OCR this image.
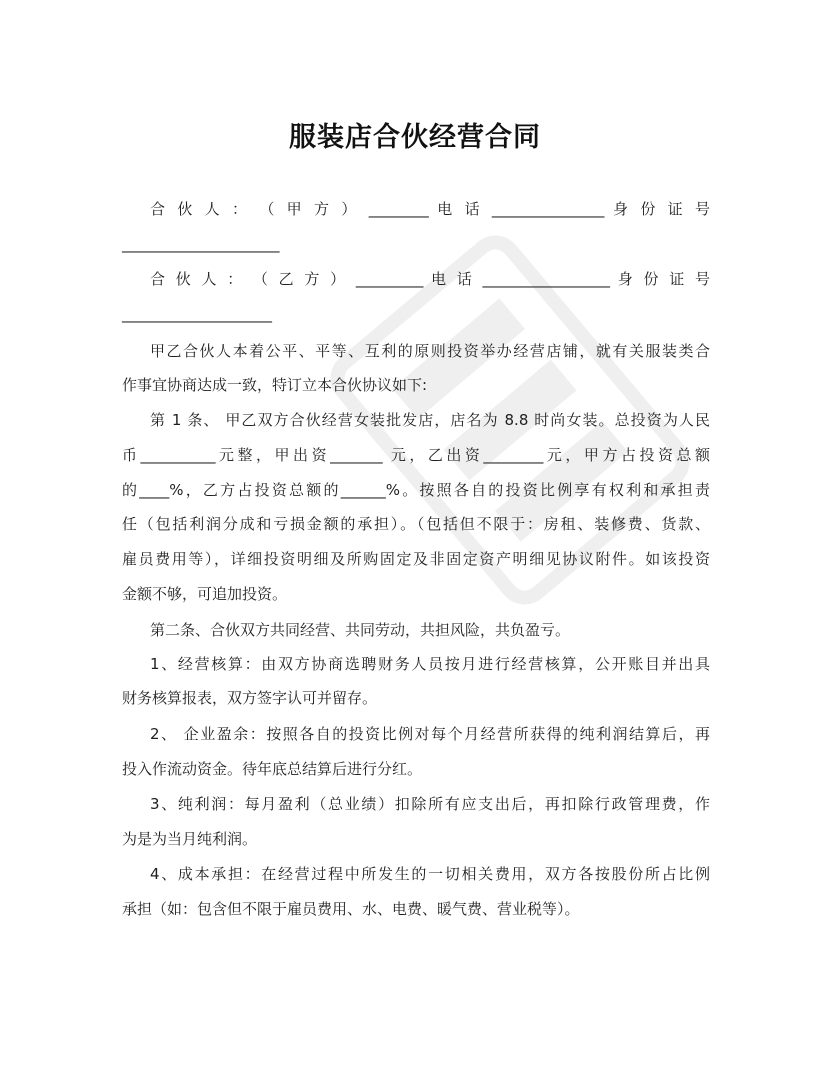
服装店合伙经营合同
合 伙 人 ： （ 甲 方 ） ________ 电 话 _______________ 身 份 证 号
_____________________
合 伙 人 ： （ 乙 方 ） _________ 电 话 _________________ 身 份 证 号
____________________
甲乙合伙人本着公平、平等、互利的原则投资举办经营店铺，就有关服装类合
作事宜协商达成一致，特订立本合伙协议如下:
第 1 条、 甲乙双方合伙经营女装批发店，店名为 8.8 时尚女装。总投资为人民
币__________元整，甲出资_______ 元，乙出资________元，甲方占投资总额
的____%，乙方占投资总额的______%。按照各自的投资比例享有权利和承担责
任（包括利润分成和亏损金额的承担）。（包括但不限于：房租、装修费、货款、
雇员费用等），详细投资明细及所购固定及非固定资产明细见协议附件。如该投资
金额不够，可追加投资。
第二条、合伙双方共同经营、共同劳动，共担风险，共负盈亏。
1、经营核算：由双方协商选聘财务人员按月进行经营核算，公开账目并出具
财务核算报表，双方签字认可并留存。
2、 企业盈余：按照各自的投资比例对每个月经营所获得的纯利润结算后，再
投入作流动资金。待年底总结算后进行分红。
3、纯利润：每月盈利（总业绩）扣除所有应支出后，再扣除行政管理费，作
为是为当月纯利润。
4、成本承担：在经营过程中所发生的一切相关费用，双方各按股份所占比例
承担（如：包含但不限于雇员费用、水、电费、暖气费、营业税等）。
